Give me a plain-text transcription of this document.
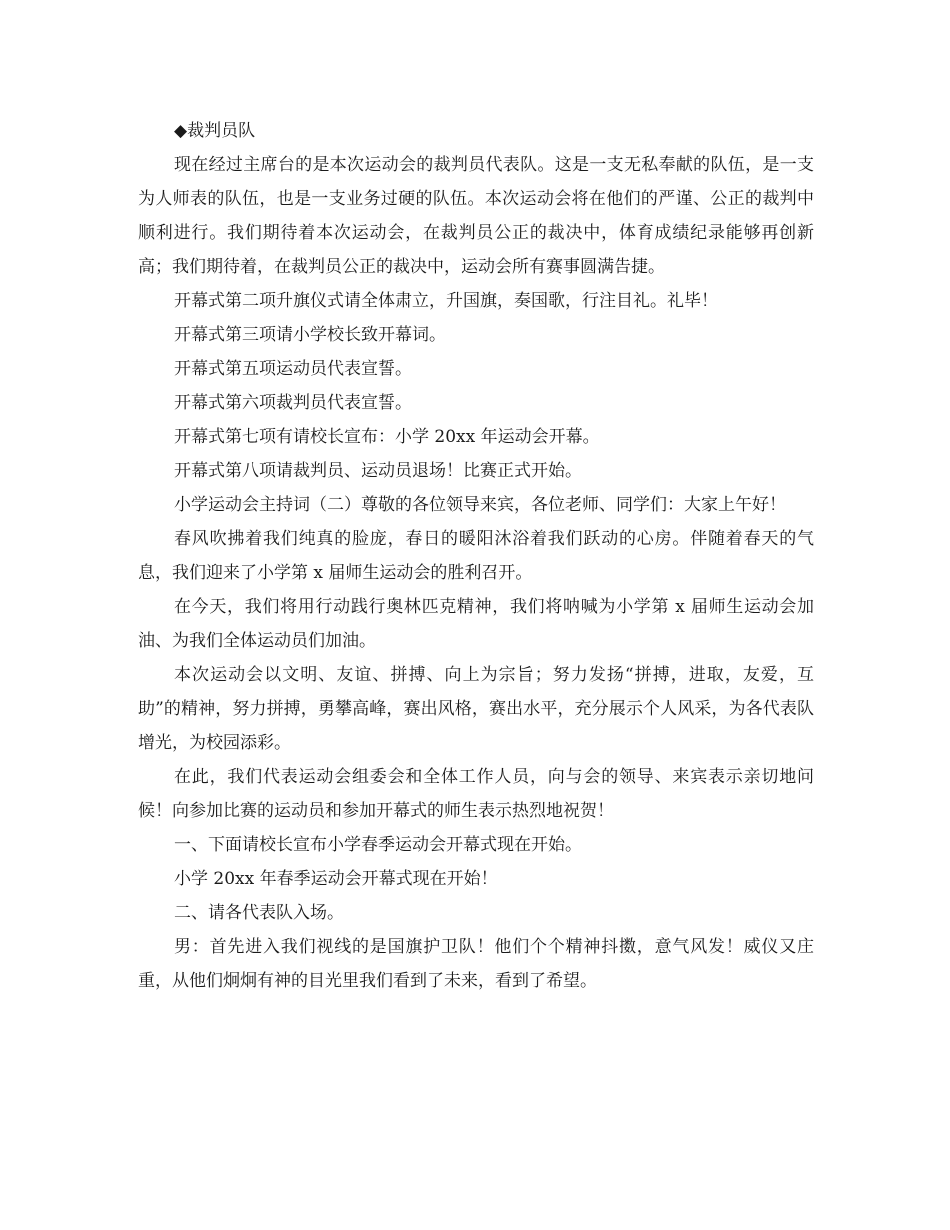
◆裁判员队

现在经过主席台的是本次运动会的裁判员代表队。这是一支无私奉献的队伍，是一支为人师表的队伍，也是一支业务过硬的队伍。本次运动会将在他们的严谨、公正的裁判中顺利进行。我们期待着本次运动会，在裁判员公正的裁决中，体育成绩纪录能够再创新高；我们期待着，在裁判员公正的裁决中，运动会所有赛事圆满告捷。

开幕式第二项升旗仪式请全体肃立，升国旗，奏国歌，行注目礼。礼毕！

开幕式第三项请小学校长致开幕词。

开幕式第五项运动员代表宣誓。

开幕式第六项裁判员代表宣誓。

开幕式第七项有请校长宣布：小学 20xx 年运动会开幕。

开幕式第八项请裁判员、运动员退场！比赛正式开始。

小学运动会主持词（二）尊敬的各位领导来宾，各位老师、同学们：大家上午好！

春风吹拂着我们纯真的脸庞，春日的暖阳沐浴着我们跃动的心房。伴随着春天的气息，我们迎来了小学第 x 届师生运动会的胜利召开。

在今天，我们将用行动践行奥林匹克精神，我们将呐喊为小学第 x 届师生运动会加油、为我们全体运动员们加油。

本次运动会以文明、友谊、拼搏、向上为宗旨；努力发扬“拼搏，进取，友爱，互助”的精神，努力拼搏，勇攀高峰，赛出风格，赛出水平，充分展示个人风采，为各代表队增光，为校园添彩。

在此，我们代表运动会组委会和全体工作人员，向与会的领导、来宾表示亲切地问候！向参加比赛的运动员和参加开幕式的师生表示热烈地祝贺！

一、下面请校长宣布小学春季运动会开幕式现在开始。

小学 20xx 年春季运动会开幕式现在开始！

二、请各代表队入场。

男：首先进入我们视线的是国旗护卫队！他们个个精神抖擞，意气风发！威仪又庄重，从他们炯炯有神的目光里我们看到了未来，看到了希望。
